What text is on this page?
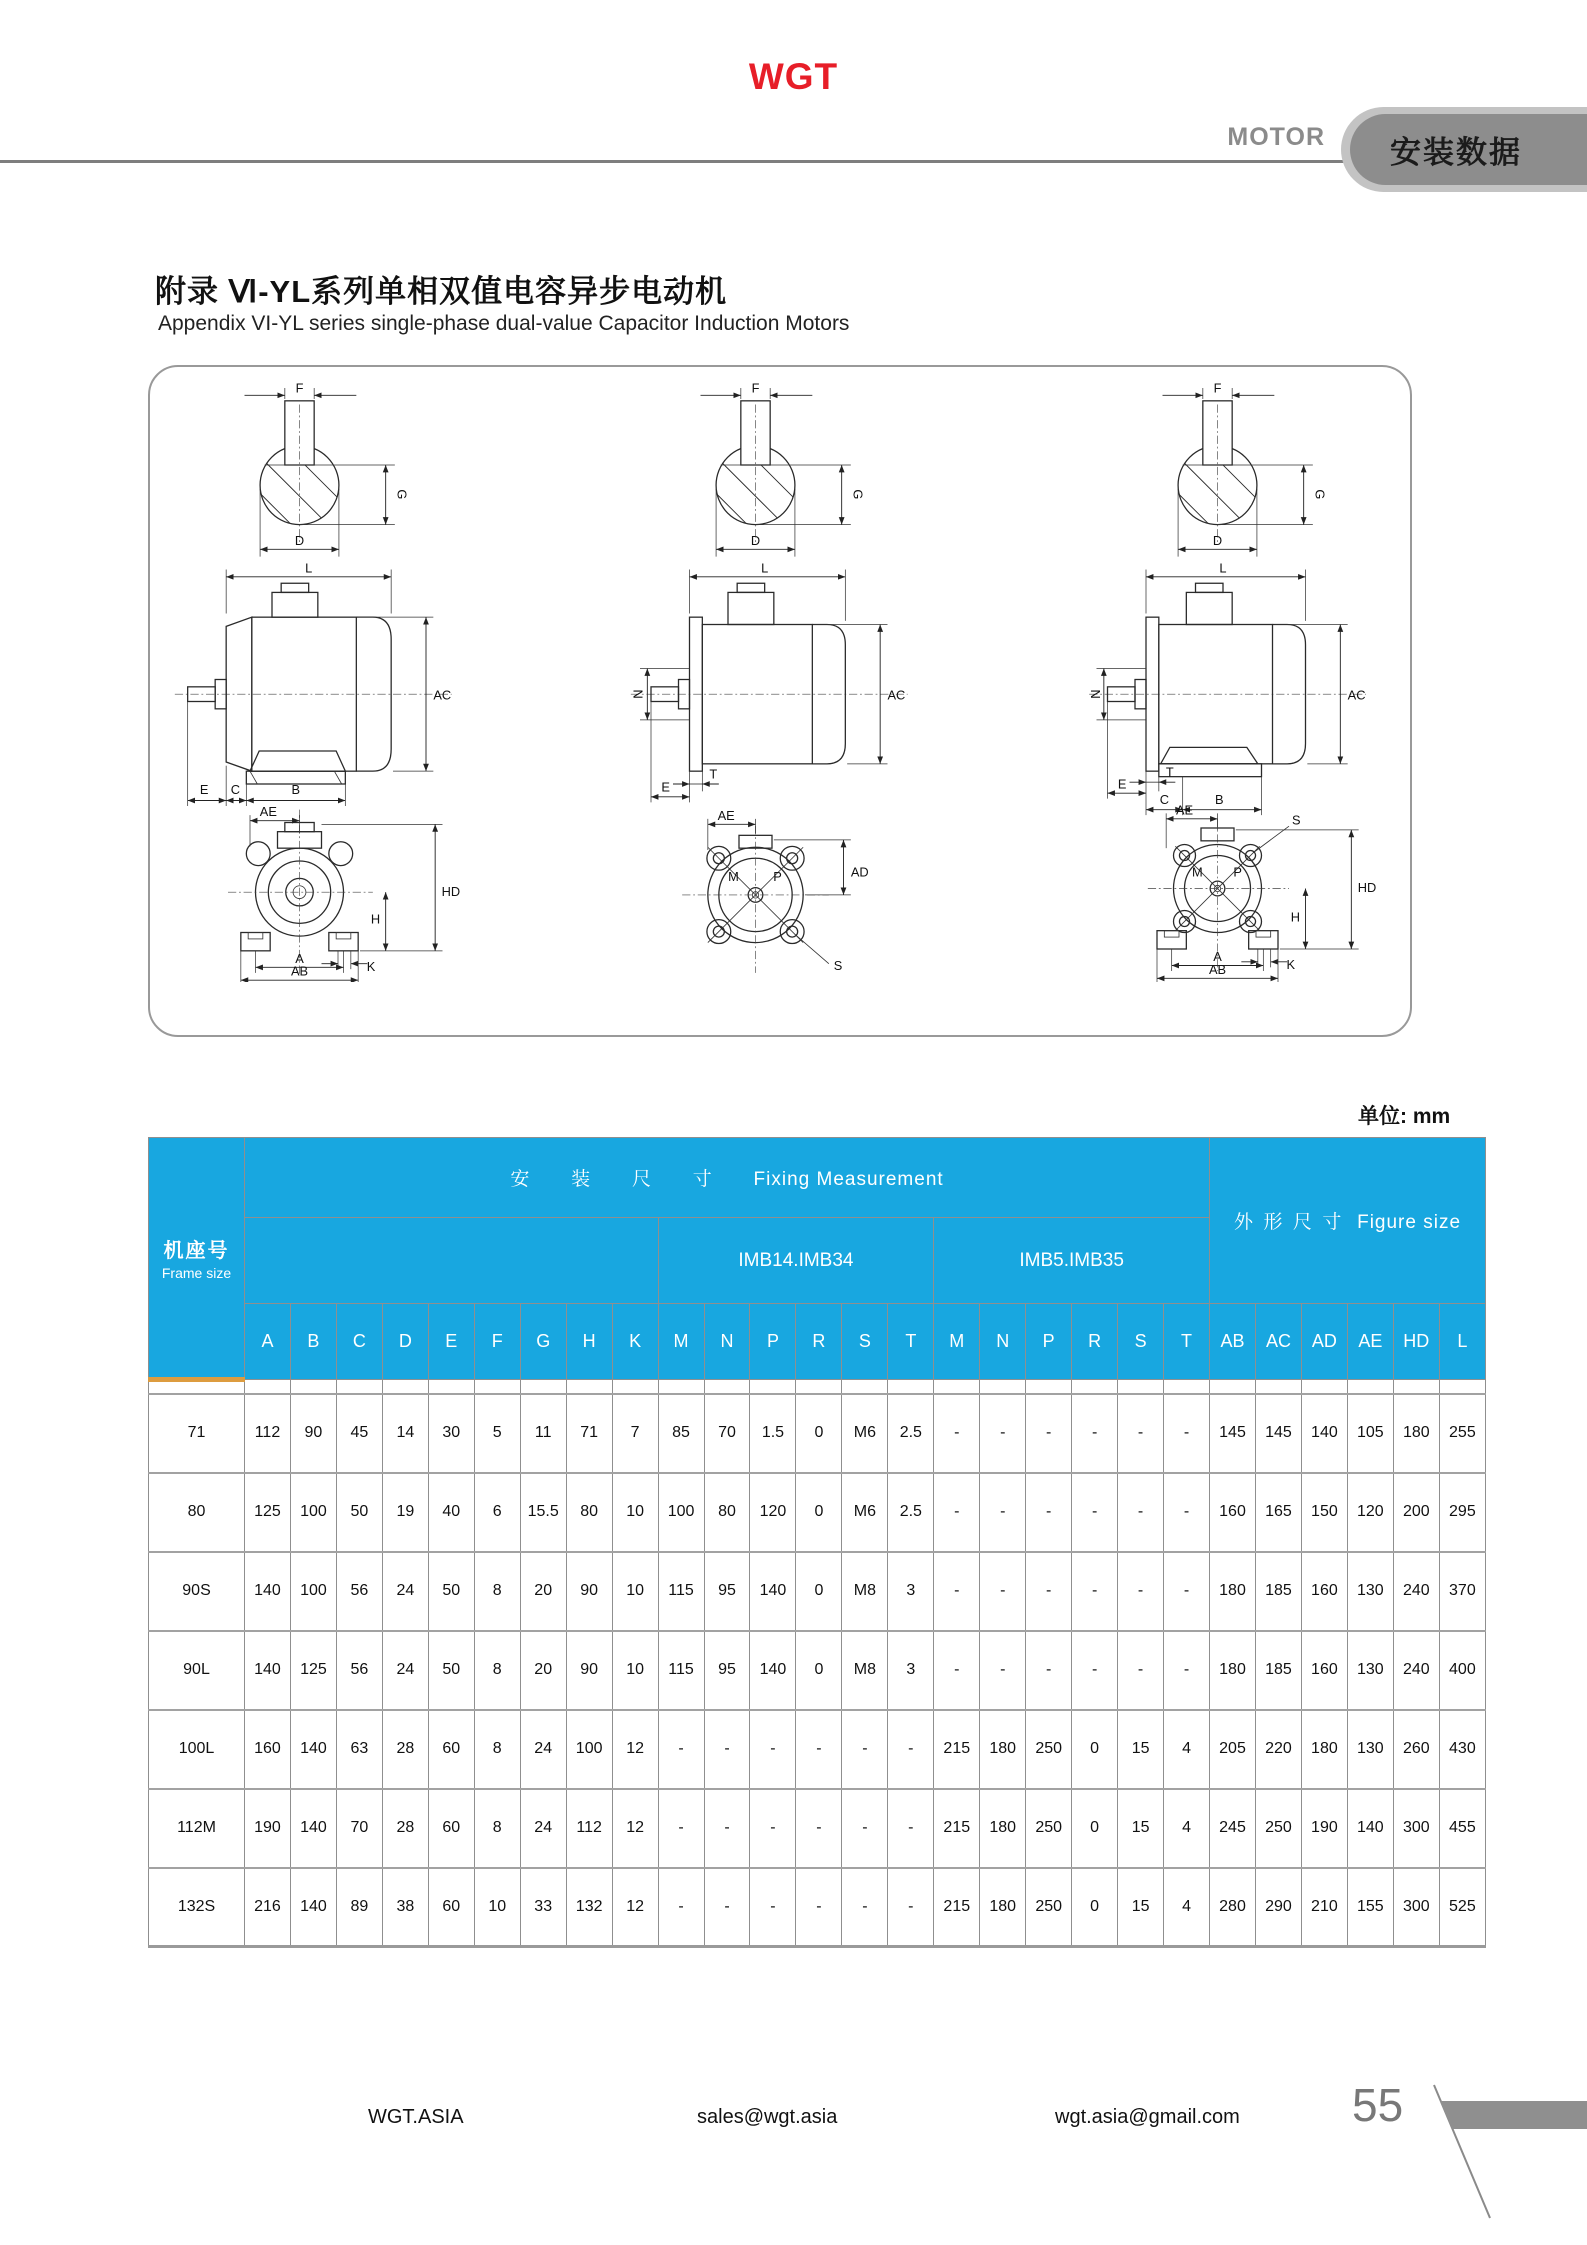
WGT
MOTOR	安装数据
附录 Ⅵ-YL系列单相双值电容异步电动机
Appendix VI-YL series single-phase dual-value Capacitor Induction Motors
F
G
D
L
AC
E C	B
AE
HD
H
K
A
AB
F
G
D
L
N	AC
E
T
M P
S
AE
AD
F
G
D
L
N	AC
E
T
C	B
M P
S
AE
HD
H
K
A
AB
单位: mm
机座号
Frame size	安装尺寸Fixing Measurement																					外形尺寸 Figure size					
										IMB14.IMB34						IMB5.IMB35											
	A	B	C	D	E	F	G	H	K	M	N	P	R	S	T	M	N	P	R	S	T	AB	AC	AD	AE	HD	L

71	112	90	45	14	30	5	11	71	7	85	70	1.5	0	M6	2.5	-	-	-	-	-	-	145	145	140	105	180	255
80	125	100	50	19	40	6	15.5	80	10	100	80	120	0	M6	2.5	-	-	-	-	-	-	160	165	150	120	200	295
90S	140	100	56	24	50	8	20	90	10	115	95	140	0	M8	3	-	-	-	-	-	-	180	185	160	130	240	370
90L	140	125	56	24	50	8	20	90	10	115	95	140	0	M8	3	-	-	-	-	-	-	180	185	160	130	240	400
100L	160	140	63	28	60	8	24	100	12	-	-	-	-	-	-	215	180	250	0	15	4	205	220	180	130	260	430
112M	190	140	70	28	60	8	24	112	12	-	-	-	-	-	-	215	180	250	0	15	4	245	250	190	140	300	455
132S	216	140	89	38	60	10	33	132	12	-	-	-	-	-	-	215	180	250	0	15	4	280	290	210	155	300	525
WGT.ASIA	sales@wgt.asia	wgt.asia@gmail.com 55
